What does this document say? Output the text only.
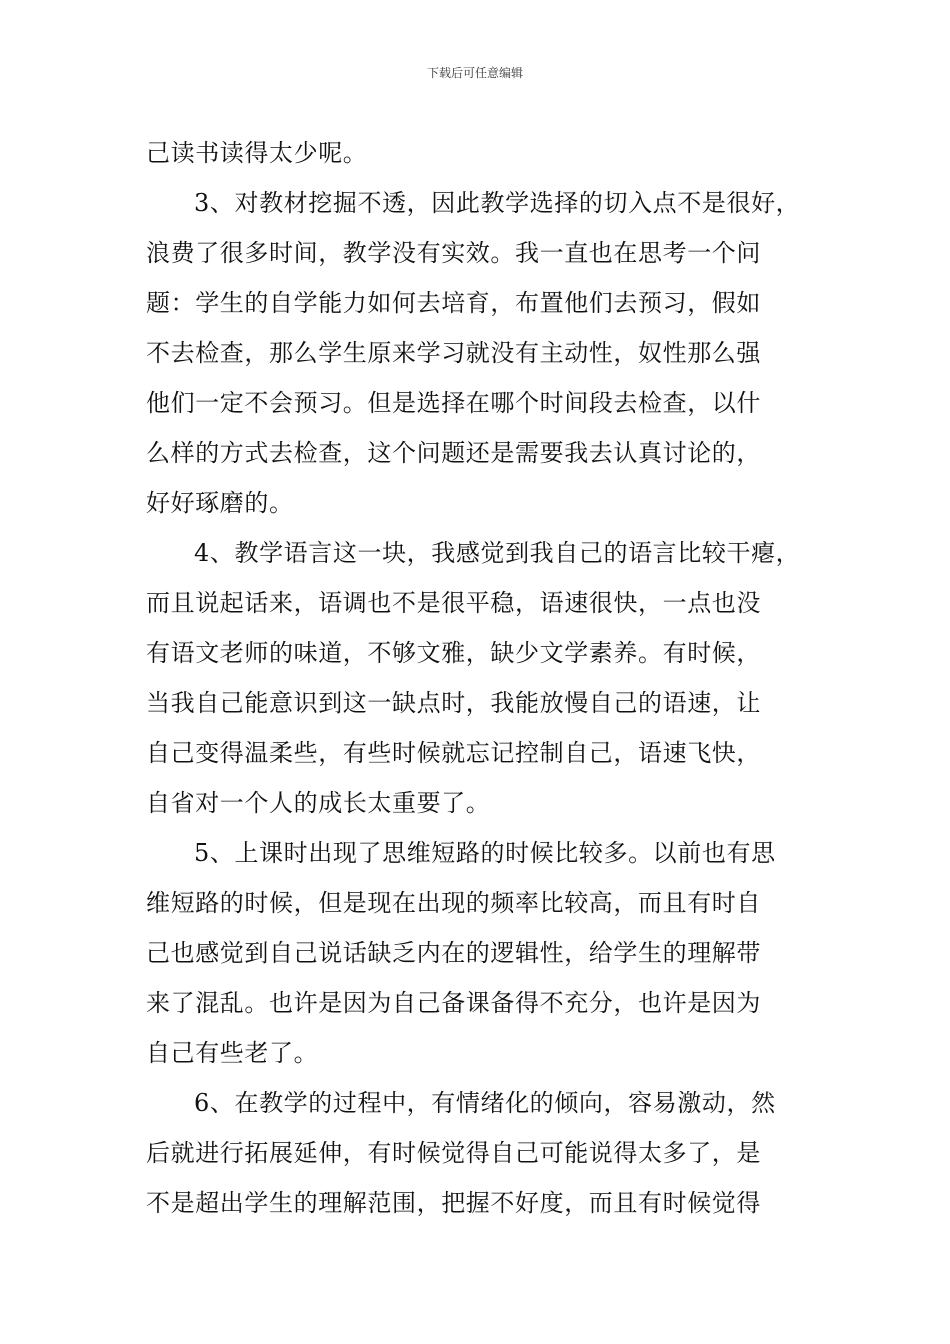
下载后可任意编辑
己读书读得太少呢。
3、对教材挖掘不透，因此教学选择的切入点不是很好，
浪费了很多时间，教学没有实效。我一直也在思考一个问
题：学生的自学能力如何去培育，布置他们去预习，假如
不去检查，那么学生原来学习就没有主动性，奴性那么强
他们一定不会预习。但是选择在哪个时间段去检查，以什
么样的方式去检查，这个问题还是需要我去认真讨论的，
好好琢磨的。
4、教学语言这一块，我感觉到我自己的语言比较干瘪，
而且说起话来，语调也不是很平稳，语速很快，一点也没
有语文老师的味道，不够文雅，缺少文学素养。有时候，
当我自己能意识到这一缺点时，我能放慢自己的语速，让
自己变得温柔些，有些时候就忘记控制自己，语速飞快，
自省对一个人的成长太重要了。
5、上课时出现了思维短路的时候比较多。以前也有思
维短路的时候，但是现在出现的频率比较高，而且有时自
己也感觉到自己说话缺乏内在的逻辑性，给学生的理解带
来了混乱。也许是因为自己备课备得不充分，也许是因为
自己有些老了。
6、在教学的过程中，有情绪化的倾向，容易激动，然
后就进行拓展延伸，有时候觉得自己可能说得太多了，是
不是超出学生的理解范围，把握不好度，而且有时候觉得
